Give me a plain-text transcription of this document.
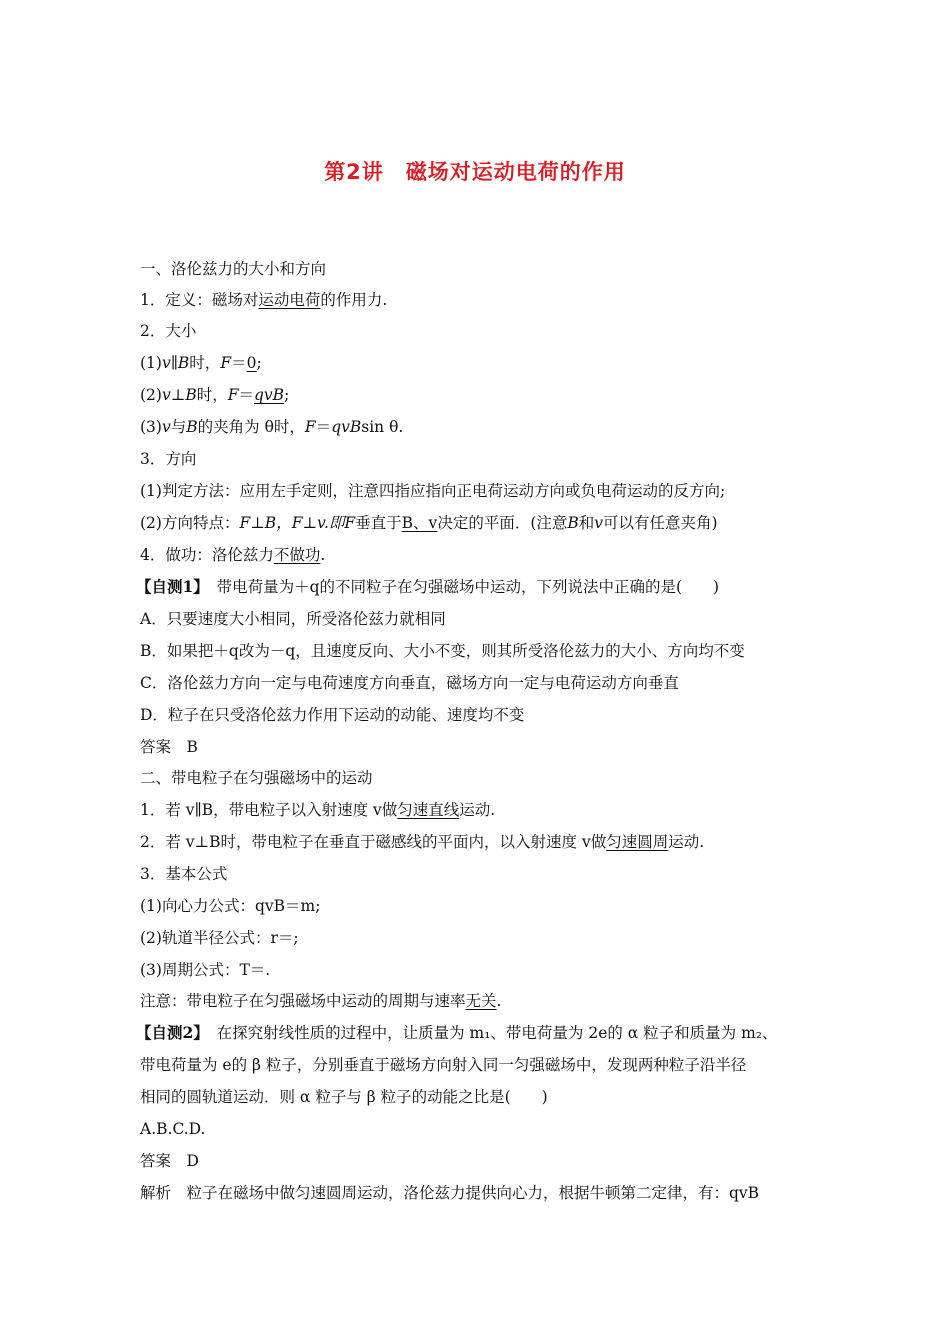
第2讲 磁场对运动电荷的作用
一、洛伦兹力的大小和方向
1．定义：磁场对运动电荷的作用力.
2．大小
(1)v∥B时，F＝0;
(2)v⊥B时，F＝qvB;
(3)v与B的夹角为 θ时，F＝qvBsin θ.
3．方向
(1)判定方法：应用左手定则，注意四指应指向正电荷运动方向或负电荷运动的反方向;
(2)方向特点：F⊥B，F⊥v.即F垂直于B、v决定的平面．(注意B和v可以有任意夹角)
4．做功：洛伦兹力不做功.
【自测1】　 带电荷量为＋q的不同粒子在匀强磁场中运动，下列说法中正确的是(　　)
A．只要速度大小相同，所受洛伦兹力就相同
B．如果把＋q改为－q，且速度反向、大小不变，则其所受洛伦兹力的大小、方向均不变
C．洛伦兹力方向一定与电荷速度方向垂直，磁场方向一定与电荷运动方向垂直
D．粒子在只受洛伦兹力作用下运动的动能、速度均不变
答案　B
二、带电粒子在匀强磁场中的运动
1．若 v∥B，带电粒子以入射速度 v做匀速直线运动.
2．若 v⊥B时，带电粒子在垂直于磁感线的平面内，以入射速度 v做匀速圆周运动.
3．基本公式
(1)向心力公式：qvB＝m;
(2)轨道半径公式：r＝;
(3)周期公式：T＝.
注意：带电粒子在匀强磁场中运动的周期与速率无关.
【自测2】　 在探究射线性质的过程中，让质量为 m₁、带电荷量为 2e的 α 粒子和质量为 m₂、
带电荷量为 e的 β 粒子，分别垂直于磁场方向射入同一匀强磁场中，发现两种粒子沿半径
相同的圆轨道运动．则 α 粒子与 β 粒子的动能之比是(　　)
A.B.C.D.
答案　D
解析　粒子在磁场中做匀速圆周运动，洛伦兹力提供向心力，根据牛顿第二定律，有：qvB
